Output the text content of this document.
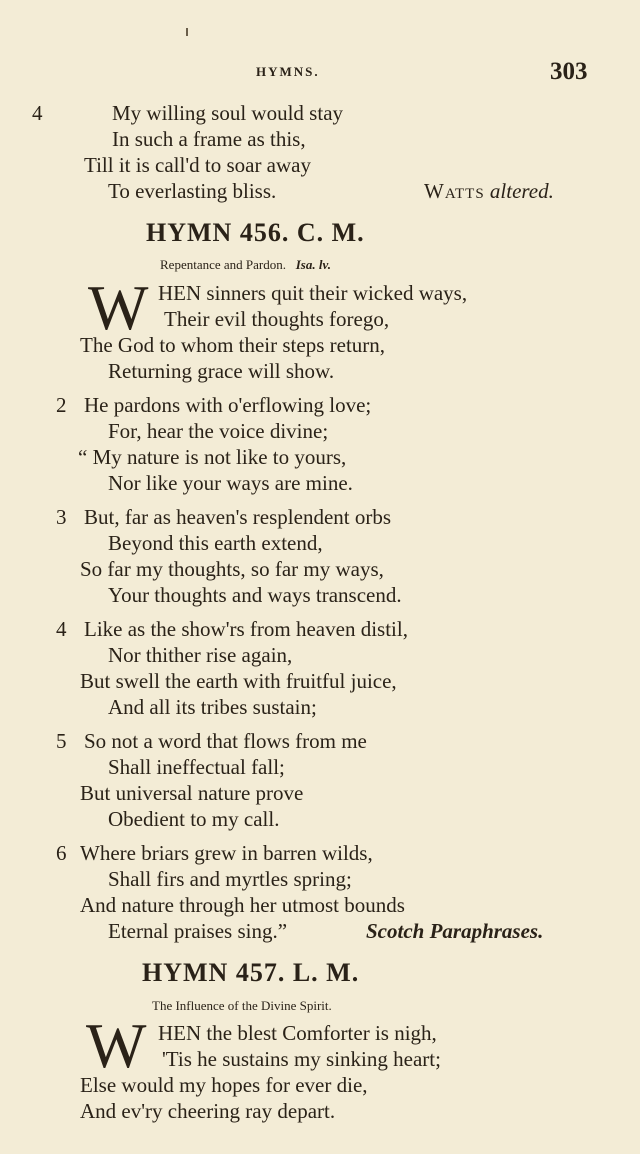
HYMNS.	303
4	My willing soul would stay
In such a frame as this,
Till it is call'd to soar away
To everlasting bliss.	Watts altered.
HYMN 456. C. M.
Repentance and Pardon. Isa. lv.
W HEN sinners quit their wicked ways,
Their evil thoughts forego,
The God to whom their steps return,
Returning grace will show.
2 He pardons with o'erflowing love;
For, hear the voice divine;
“ My nature is not like to yours,
Nor like your ways are mine.
3 But, far as heaven's resplendent orbs
Beyond this earth extend,
So far my thoughts, so far my ways,
Your thoughts and ways transcend.
4 Like as the show'rs from heaven distil,
Nor thither rise again,
But swell the earth with fruitful juice,
And all its tribes sustain;
5 So not a word that flows from me
Shall ineffectual fall;
But universal nature prove
Obedient to my call.
6 Where briars grew in barren wilds,
Shall firs and myrtles spring;
And nature through her utmost bounds
Eternal praises sing.”	Scotch Paraphrases.
HYMN 457. L. M.
The Influence of the Divine Spirit.
W HEN the blest Comforter is nigh,
'Tis he sustains my sinking heart;
Else would my hopes for ever die,
And ev'ry cheering ray depart.
